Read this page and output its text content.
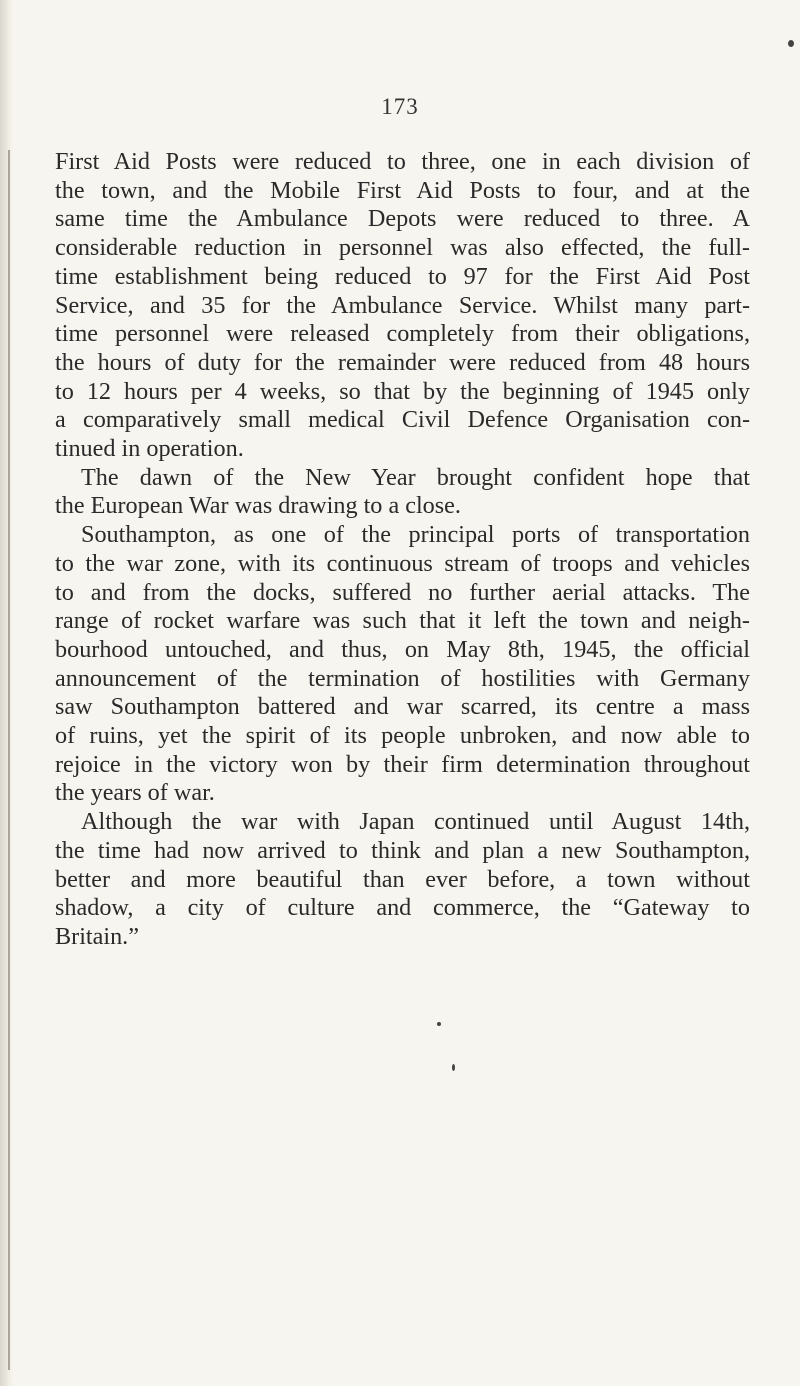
173
First Aid Posts were reduced to three, one in each division of
the town, and the Mobile First Aid Posts to four, and at the
same time the Ambulance Depots were reduced to three. A
considerable reduction in personnel was also effected, the full-
time establishment being reduced to 97 for the First Aid Post
Service, and 35 for the Ambulance Service. Whilst many part-
time personnel were released completely from their obligations,
the hours of duty for the remainder were reduced from 48 hours
to 12 hours per 4 weeks, so that by the beginning of 1945 only
a comparatively small medical Civil Defence Organisation con-
tinued in operation.
The dawn of the New Year brought confident hope that
the European War was drawing to a close.
Southampton, as one of the principal ports of transportation
to the war zone, with its continuous stream of troops and vehicles
to and from the docks, suffered no further aerial attacks. The
range of rocket warfare was such that it left the town and neigh-
bourhood untouched, and thus, on May 8th, 1945, the official
announcement of the termination of hostilities with Germany
saw Southampton battered and war scarred, its centre a mass
of ruins, yet the spirit of its people unbroken, and now able to
rejoice in the victory won by their firm determination throughout
the years of war.
Although the war with Japan continued until August 14th,
the time had now arrived to think and plan a new Southampton,
better and more beautiful than ever before, a town without
shadow, a city of culture and commerce, the “Gateway to
Britain.”
